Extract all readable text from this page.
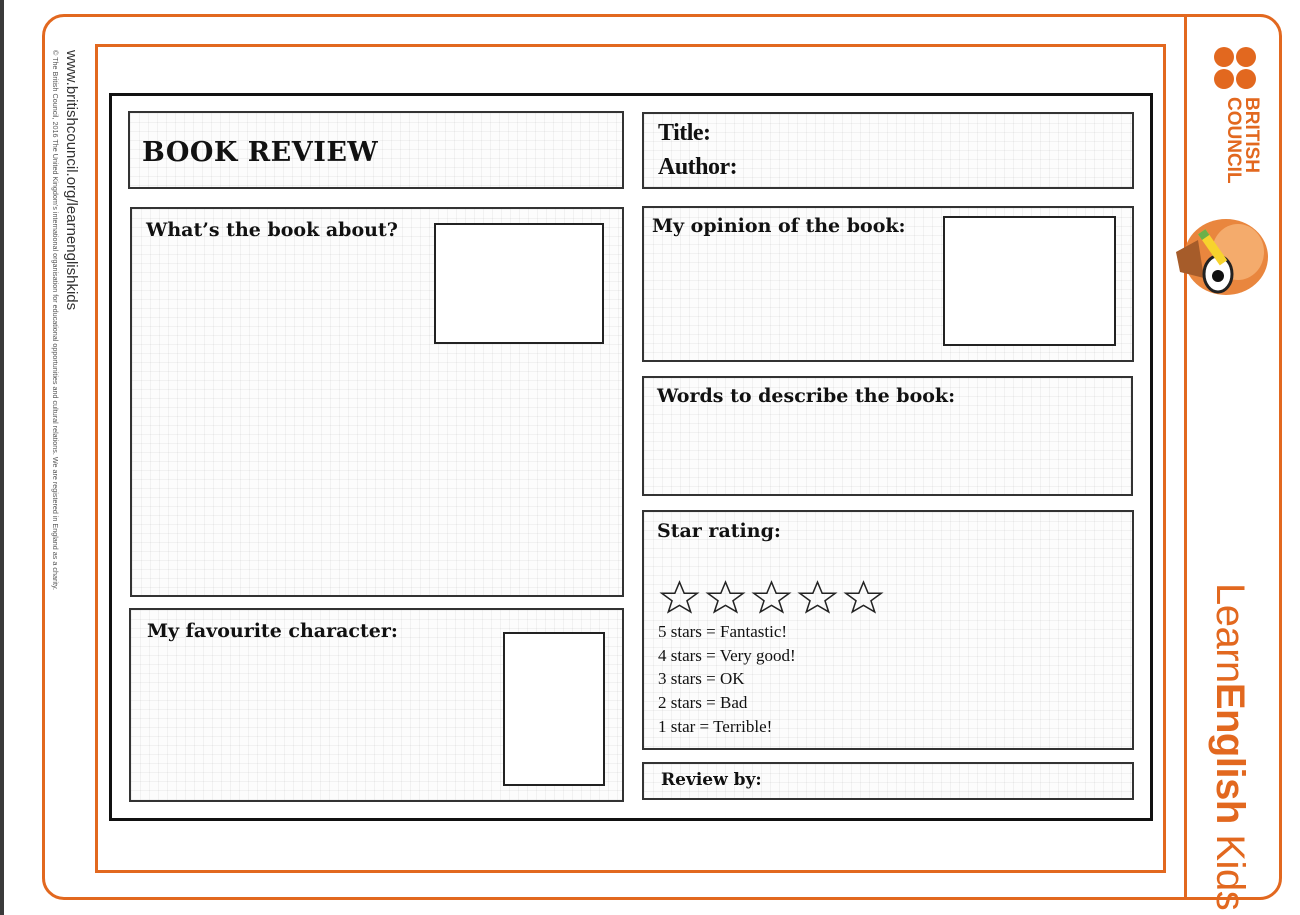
www.britishcouncil.org/learnenglishkids
© The British Council, 2016 The United Kingdom’s international organisation for educational opportunities and cultural relations. We are registered in England as a charity.	BOOK REVIEW
Title:
Author:
What’s the book about?	My opinion of the book:
Words to describe the book:
Star rating:
5 stars = Fantastic!
4 stars = Very good!
3 stars = OK
2 stars = Bad
1 star = Terrible!
My favourite character:
Review by:
BRITISH
COUNCIL
LearnEnglish Kids
